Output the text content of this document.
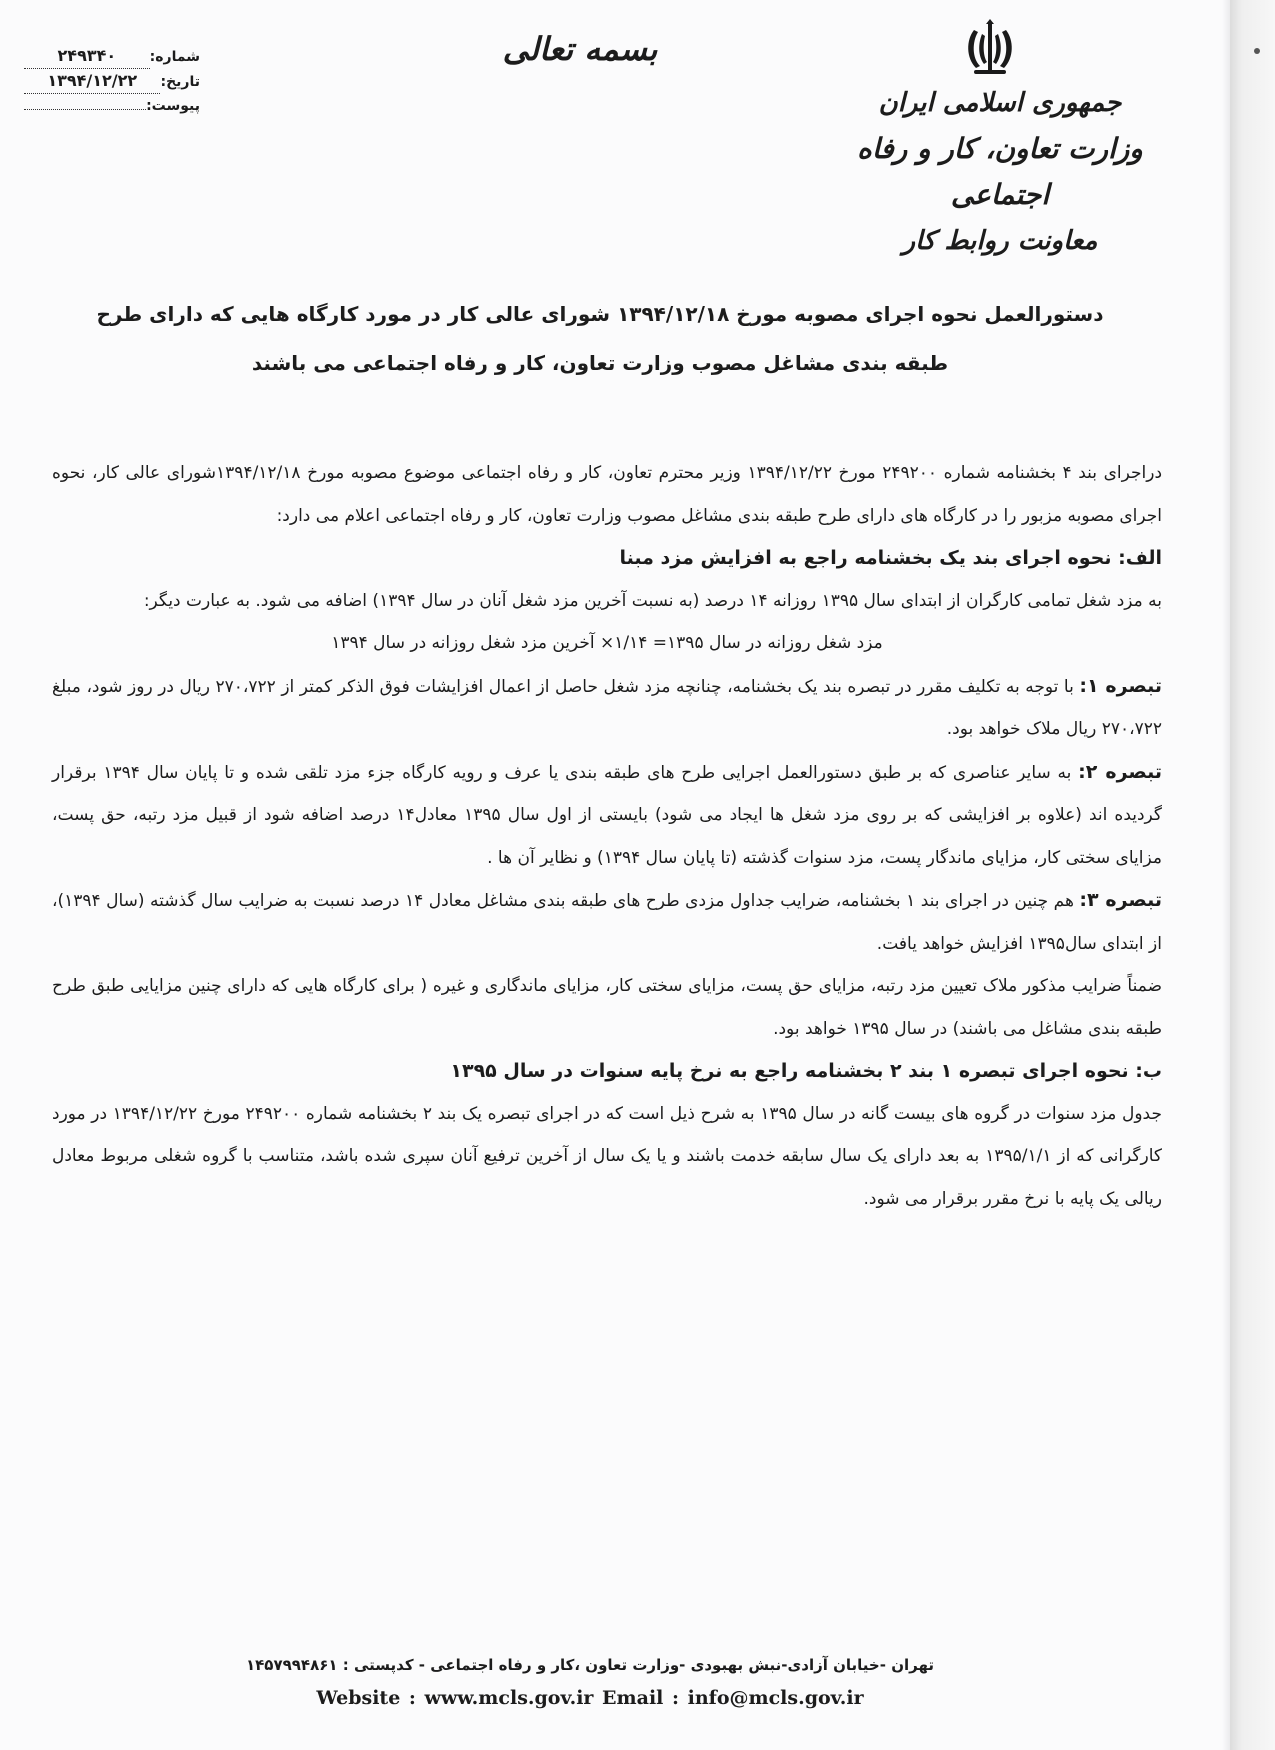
جمهوری اسلامی ایران
وزارت تعاون، کار و رفاه اجتماعی
معاونت روابط کار
بسمه تعالی
شماره:
۲۴۹۳۴۰
تاریخ:
۱۳۹۴/۱۲/۲۲
پیوست:
دستورالعمل نحوه اجرای مصوبه مورخ ۱۳۹۴/۱۲/۱۸ شورای عالی کار در مورد کارگاه هایی که دارای طرح
طبقه بندی مشاغل مصوب وزارت تعاون، کار و رفاه اجتماعی می باشند

دراجرای بند ۴ بخشنامه شماره ۲۴۹۲۰۰ مورخ ۱۳۹۴/۱۲/۲۲ وزیر محترم تعاون، کار و رفاه اجتماعی موضوع مصوبه مورخ ۱۳۹۴/۱۲/۱۸شورای عالی کار، نحوه اجرای مصوبه مزبور را در کارگاه های دارای طرح طبقه بندی مشاغل مصوب وزارت تعاون، کار و رفاه اجتماعی اعلام می دارد:

الف: نحوه اجرای بند یک بخشنامه راجع به افزایش مزد مبنا

به مزد شغل تمامی کارگران از ابتدای سال ۱۳۹۵ روزانه ۱۴ درصد (به نسبت آخرین مزد شغل آنان در سال ۱۳۹۴) اضافه می شود. به عبارت دیگر:

مزد شغل روزانه در سال ۱۳۹۵= ۱/۱۴× آخرین مزد شغل روزانه در سال ۱۳۹۴

تبصره ۱: با توجه به تکلیف مقرر در تبصره بند یک بخشنامه، چنانچه مزد شغل حاصل از اعمال افزایشات فوق الذکر کمتر از ۲۷۰،۷۲۲ ریال در روز شود، مبلغ ۲۷۰،۷۲۲ ریال ملاک خواهد بود.

تبصره ۲: به سایر عناصری که بر طبق دستورالعمل اجرایی طرح های طبقه بندی یا عرف و رویه کارگاه جزء مزد تلقی شده و تا پایان سال ۱۳۹۴ برقرار گردیده اند (علاوه بر افزایشی که بر روی مزد شغل ها ایجاد می شود) بایستی از اول سال ۱۳۹۵ معادل۱۴ درصد اضافه شود از قبیل مزد رتبه، حق پست، مزایای سختی کار، مزایای ماندگار پست، مزد سنوات گذشته (تا پایان سال ۱۳۹۴) و نظایر آن ها .

تبصره ۳: هم چنین در اجرای بند ۱ بخشنامه، ضرایب جداول مزدی طرح های طبقه بندی مشاغل معادل ۱۴ درصد نسبت به ضرایب سال گذشته (سال ۱۳۹۴)، از ابتدای سال۱۳۹۵ افزایش خواهد یافت.

ضمناً ضرایب مذکور ملاک تعیین مزد رتبه، مزایای حق پست، مزایای سختی کار، مزایای ماندگاری و غیره ( برای کارگاه هایی که دارای چنین مزایایی طبق طرح طبقه بندی مشاغل می باشند) در سال ۱۳۹۵ خواهد بود.

ب: نحوه اجرای تبصره ۱ بند ۲ بخشنامه راجع به نرخ پایه سنوات در سال ۱۳۹۵

جدول مزد سنوات در گروه های بیست گانه در سال ۱۳۹۵ به شرح ذیل است که در اجرای تبصره یک بند ۲ بخشنامه شماره ۲۴۹۲۰۰ مورخ ۱۳۹۴/۱۲/۲۲ در مورد کارگرانی که از ۱۳۹۵/۱/۱ به بعد دارای یک سال سابقه خدمت باشند و یا یک سال از آخرین ترفیع آنان سپری شده باشد، متناسب با گروه شغلی مربوط معادل ریالی یک پایه با نرخ مقرر برقرار می شود.

تهران -خیابان آزادی-نبش بهبودی -وزارت تعاون ،کار و رفاه اجتماعی - کدپستی : ۱۴۵۷۹۹۴۸۶۱
Website : www.mcls.gov.ir Email : info@mcls.gov.ir
